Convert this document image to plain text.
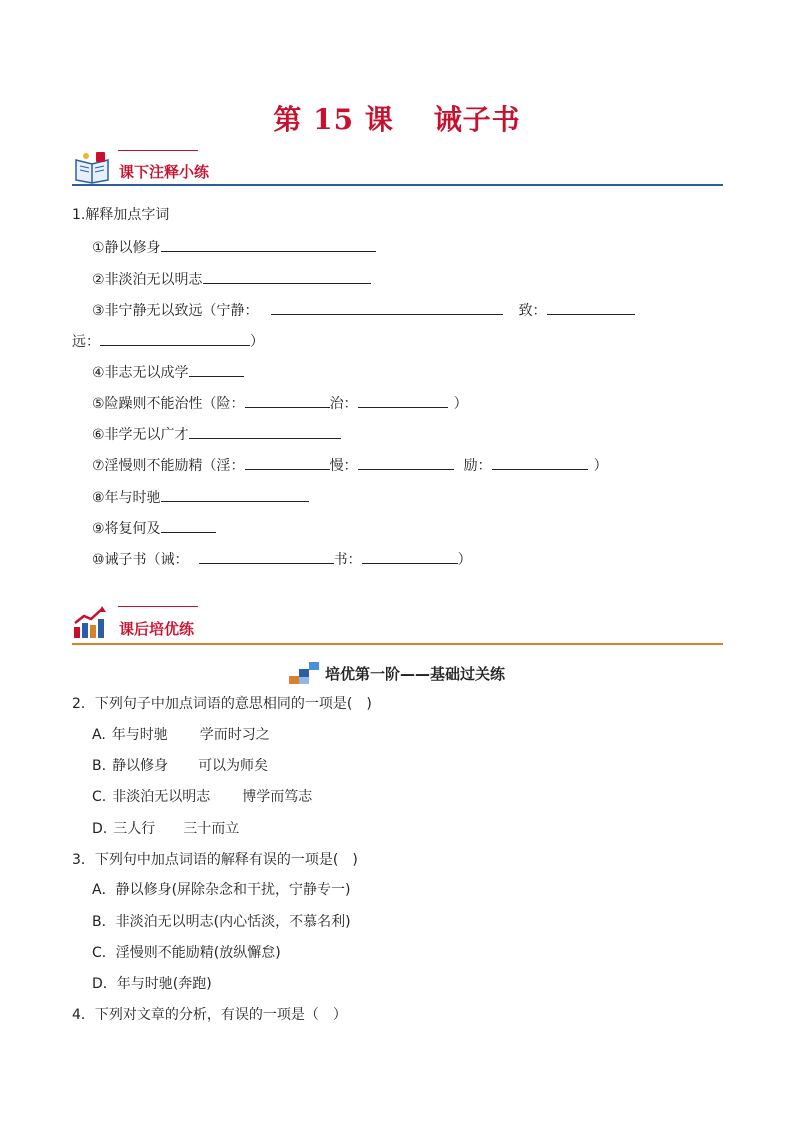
第 15 课　 诫子书
课下注释小练
1.解释加点字词
①静以修身
②非淡泊无以明志
③非宁静无以致远（宁静：	致：
远：	）
④非志无以成学
⑤险躁则不能治性（险：	治：	）
⑥非学无以广才
⑦淫慢则不能励精（淫：	慢：	励：	）
⑧年与时驰
⑨将复何及
⑩诫子书（诫：	书：	）
课后培优练
培优第一阶——基础过关练
2．下列句子中加点词语的意思相同的一项是(　)
A. 年与时驰 学而时习之
B. 静以修身 可以为师矣
C. 非淡泊无以明志 博学而笃志
D. 三人行 三十而立
3．下列句中加点词语的解释有误的一项是(　)
A．静以修身(屏除杂念和干扰，宁静专一)
B．非淡泊无以明志(内心恬淡，不慕名利)
C．淫慢则不能励精(放纵懈怠)
D．年与时驰(奔跑)
4．下列对文章的分析，有误的一项是（　）
